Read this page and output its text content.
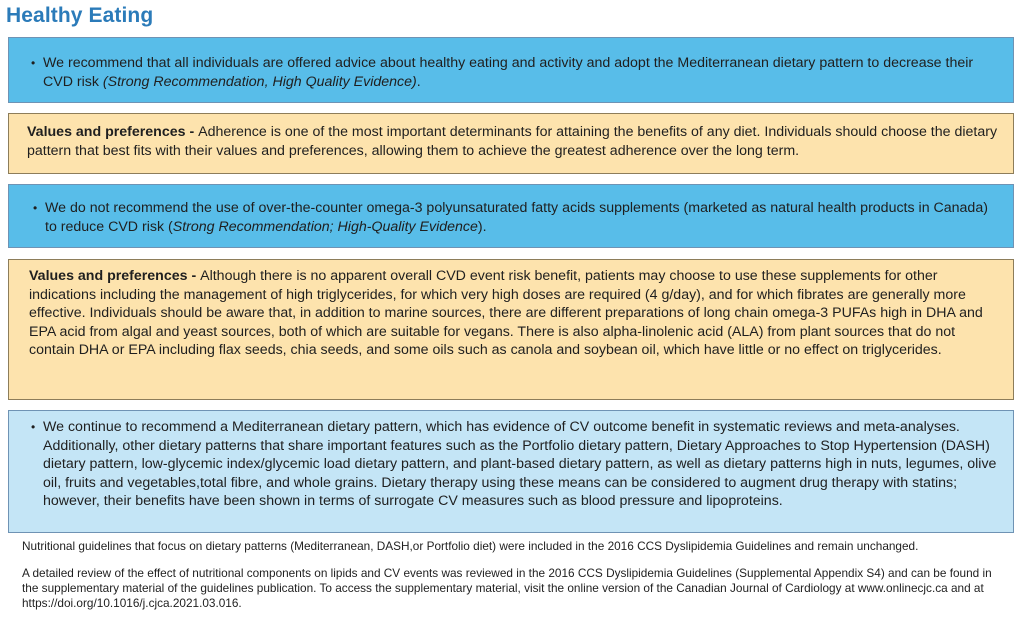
Healthy Eating
• We recommend that all individuals are offered advice about healthy eating and activity and adopt the Mediterranean dietary pattern to decrease their CVD risk (Strong Recommendation, High Quality Evidence).
Values and preferences - Adherence is one of the most important determinants for attaining the benefits of any diet. Individuals should choose the dietary pattern that best fits with their values and preferences, allowing them to achieve the greatest adherence over the long term.
• We do not recommend the use of over-the-counter omega-3 polyunsaturated fatty acids supplements (marketed as natural health products in Canada) to reduce CVD risk (Strong Recommendation; High-Quality Evidence).
Values and preferences - Although there is no apparent overall CVD event risk benefit, patients may choose to use these supplements for other indications including the management of high triglycerides, for which very high doses are required (4 g/day), and for which fibrates are generally more effective. Individuals should be aware that, in addition to marine sources, there are different preparations of long chain omega-3 PUFAs high in DHA and EPA acid from algal and yeast sources, both of which are suitable for vegans. There is also alpha-linolenic acid (ALA) from plant sources that do not contain DHA or EPA including flax seeds, chia seeds, and some oils such as canola and soybean oil, which have little or no effect on triglycerides.
• We continue to recommend a Mediterranean dietary pattern, which has evidence of CV outcome benefit in systematic reviews and meta-analyses. Additionally, other dietary patterns that share important features such as the Portfolio dietary pattern, Dietary Approaches to Stop Hypertension (DASH) dietary pattern, low-glycemic index/glycemic load dietary pattern, and plant-based dietary pattern, as well as dietary patterns high in nuts, legumes, olive oil, fruits and vegetables,total fibre, and whole grains. Dietary therapy using these means can be considered to augment drug therapy with statins; however, their benefits have been shown in terms of surrogate CV measures such as blood pressure and lipoproteins.
Nutritional guidelines that focus on dietary patterns (Mediterranean, DASH,or Portfolio diet) were included in the 2016 CCS Dyslipidemia Guidelines and remain unchanged.
A detailed review of the effect of nutritional components on lipids and CV events was reviewed in the 2016 CCS Dyslipidemia Guidelines (Supplemental Appendix S4) and can be found in the supplementary material of the guidelines publication. To access the supplementary material, visit the online version of the Canadian Journal of Cardiology at www.onlinecjc.ca and at https://doi.org/10.1016/j.cjca.2021.03.016.
